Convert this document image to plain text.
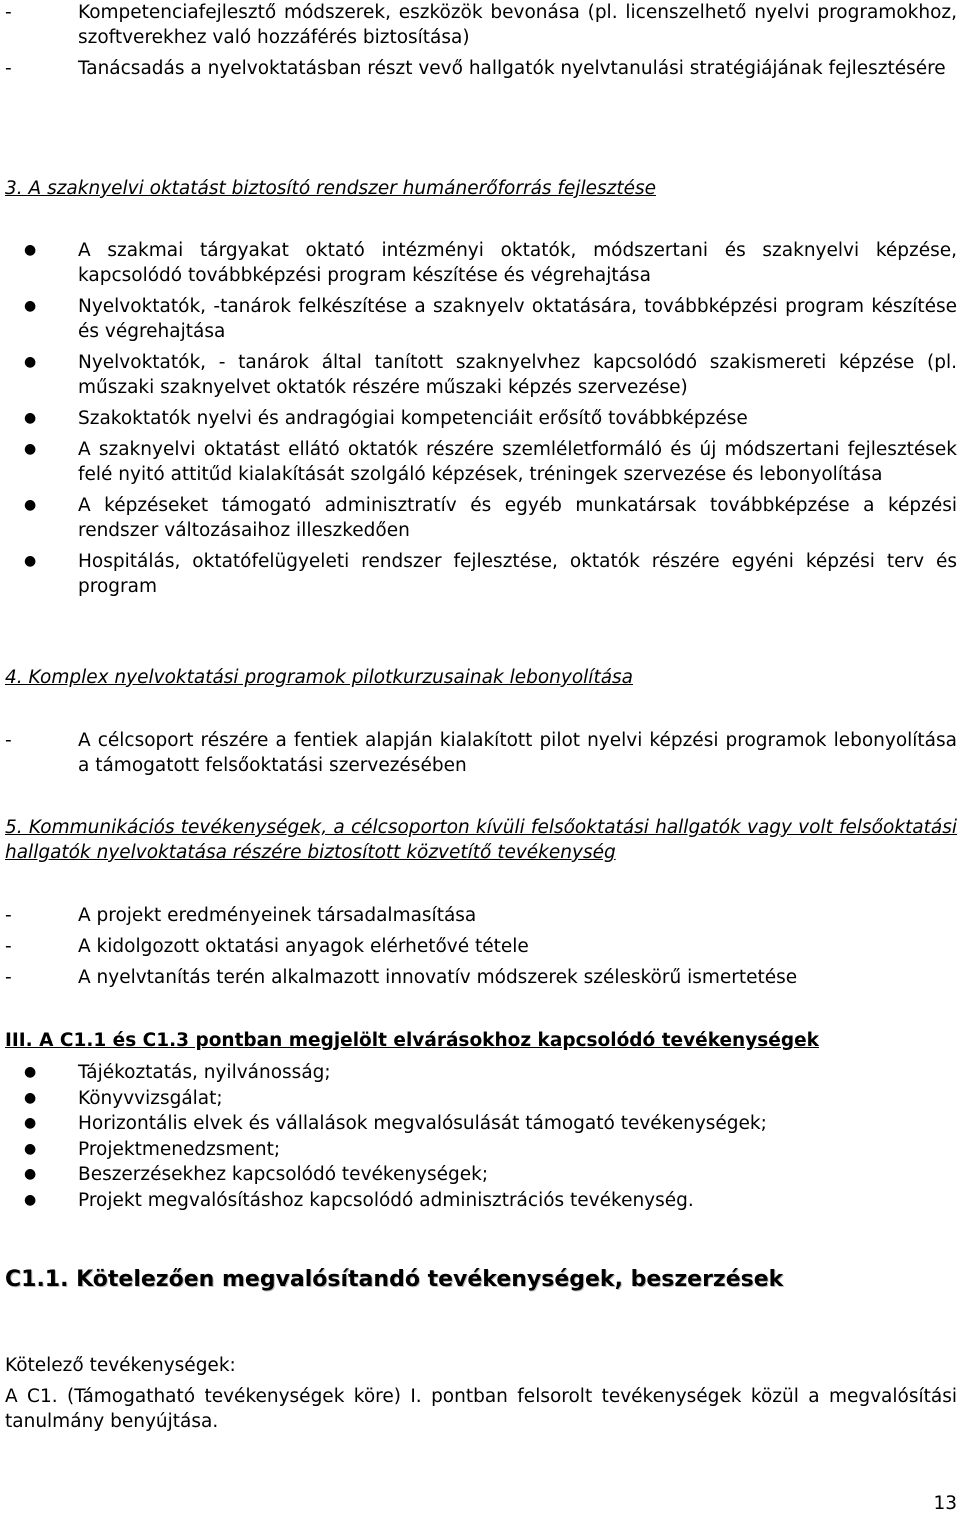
-	Kompetenciafejlesztő módszerek, eszközök bevonása (pl. licenszelhető nyelvi programokhoz, szoftverekhez való hozzáférés biztosítása)
-	Tanácsadás a nyelvoktatásban részt vevő hallgatók nyelvtanulási stratégiájának fejlesztésére
3. A szaknyelvi oktatást biztosító rendszer humánerőforrás fejlesztése
● A szakmai tárgyakat oktató intézményi oktatók, módszertani és szaknyelvi képzése, kapcsolódó továbbképzési program készítése és végrehajtása
● Nyelvoktatók, -tanárok felkészítése a szaknyelv oktatására, továbbképzési program készítése és végrehajtása
● Nyelvoktatók, - tanárok által tanított szaknyelvhez kapcsolódó szakismereti képzése (pl. műszaki szaknyelvet oktatók részére műszaki képzés szervezése)
● Szakoktatók nyelvi és andragógiai kompetenciáit erősítő továbbképzése
● A szaknyelvi oktatást ellátó oktatók részére szemléletformáló és új módszertani fejlesztések felé nyitó attitűd kialakítását szolgáló képzések, tréningek szervezése és lebonyolítása
● A képzéseket támogató adminisztratív és egyéb munkatársak továbbképzése a képzési rendszer változásaihoz illeszkedően
● Hospitálás, oktatófelügyeleti rendszer fejlesztése, oktatók részére egyéni képzési terv és program
4. Komplex nyelvoktatási programok pilotkurzusainak lebonyolítása
-	A célcsoport részére a fentiek alapján kialakított pilot nyelvi képzési programok lebonyolítása a támogatott felsőoktatási szervezésében
5. Kommunikációs tevékenységek, a célcsoporton kívüli felsőoktatási hallgatók vagy volt felsőoktatási hallgatók nyelvoktatása részére biztosított közvetítő tevékenység
-	A projekt eredményeinek társadalmasítása
-	A kidolgozott oktatási anyagok elérhetővé tétele
-	A nyelvtanítás terén alkalmazott innovatív módszerek széleskörű ismertetése
III. A C1.1 és C1.3 pontban megjelölt elvárásokhoz kapcsolódó tevékenységek
● Tájékoztatás, nyilvánosság;
● Könyvvizsgálat;
● Horizontális elvek és vállalások megvalósulását támogató tevékenységek;
● Projektmenedzsment;
● Beszerzésekhez kapcsolódó tevékenységek;
● Projekt megvalósításhoz kapcsolódó adminisztrációs tevékenység.
C1.1. Kötelezően megvalósítandó tevékenységek, beszerzések
Kötelező tevékenységek:
A C1. (Támogatható tevékenységek köre) I. pontban felsorolt tevékenységek közül a megvalósítási tanulmány benyújtása.
13
